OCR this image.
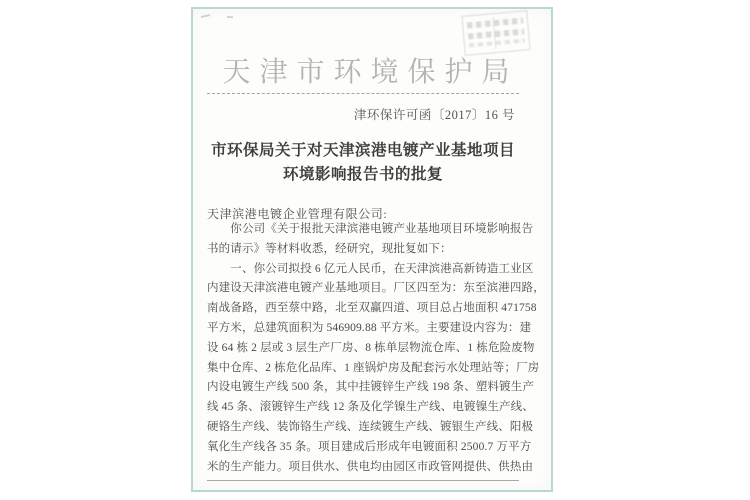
天津市环境保护局
津环保许可函〔2017〕16 号
市环保局关于对天津滨港电镀产业基地项目
环境影响报告书的批复
天津滨港电镀企业管理有限公司:
　　你公司《关于报批天津滨港电镀产业基地项目环境影响报告
书的请示》等材料收悉，经研究，现批复如下：
　　一、你公司拟投 6 亿元人民币，在天津滨港高新铸造工业区
内建设天津滨港电镀产业基地项目。厂区四至为：东至滨港四路，
南战备路，西至蔡中路，北至双赢四道、项目总占地面积 471758
平方米，总建筑面积为 546909.88 平方米。主要建设内容为：建
设 64 栋 2 层或 3 层生产厂房、8 栋单层物流仓库、1 栋危险废物
集中仓库、2 栋危化品库、1 座锅炉房及配套污水处理站等；厂房
内设电镀生产线 500 条，其中挂镀锌生产线 198 条、塑料镀生产
线 45 条、滚镀锌生产线 12 条及化学镍生产线、电镀镍生产线、
硬铬生产线、装饰铬生产线、连续镀生产线、镀银生产线、阳极
氧化生产线各 35 条。项目建成后形成年电镀面积 2500.7 万平方
米的生产能力。项目供水、供电均由园区市政管网提供、供热由
